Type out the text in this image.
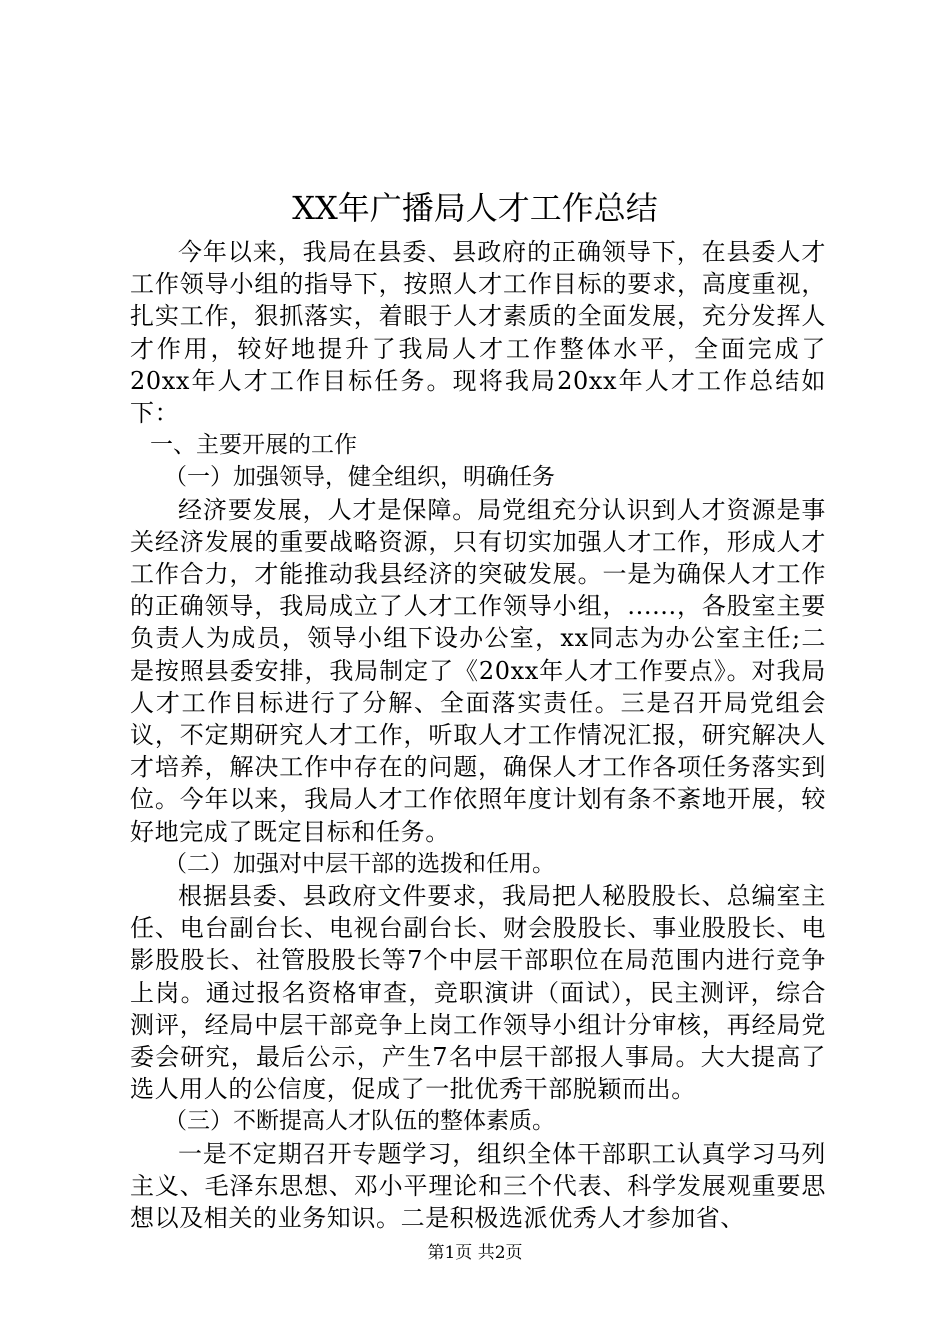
XX年广播局人才工作总结

今年以来，我局在县委、县政府的正确领导下，在县委人才工作领导小组的指导下，按照人才工作目标的要求，高度重视，扎实工作，狠抓落实，着眼于人才素质的全面发展，充分发挥人才作用，较好地提升了我局人才工作整体水平，全面完成了20xx年人才工作目标任务。现将我局20xx年人才工作总结如下：

一、主要开展的工作

（一）加强领导，健全组织，明确任务

经济要发展，人才是保障。局党组充分认识到人才资源是事关经济发展的重要战略资源，只有切实加强人才工作，形成人才工作合力，才能推动我县经济的突破发展。一是为确保人才工作的正确领导，我局成立了人才工作领导小组，......，各股室主要负责人为成员，领导小组下设办公室，xx同志为办公室主任;二是按照县委安排，我局制定了《20xx年人才工作要点》。对我局人才工作目标进行了分解、全面落实责任。三是召开局党组会议，不定期研究人才工作，听取人才工作情况汇报，研究解决人才培养，解决工作中存在的问题，确保人才工作各项任务落实到位。今年以来，我局人才工作依照年度计划有条不紊地开展，较好地完成了既定目标和任务。

（二）加强对中层干部的选拨和任用。

根据县委、县政府文件要求，我局把人秘股股长、总编室主任、电台副台长、电视台副台长、财会股股长、事业股股长、电影股股长、社管股股长等7个中层干部职位在局范围内进行竞争上岗。通过报名资格审查，竞职演讲（面试），民主测评，综合测评，经局中层干部竞争上岗工作领导小组计分审核，再经局党委会研究，最后公示，产生7名中层干部报人事局。大大提高了选人用人的公信度，促成了一批优秀干部脱颖而出。

（三）不断提高人才队伍的整体素质。

一是不定期召开专题学习，组织全体干部职工认真学习马列主义、毛泽东思想、邓小平理论和三个代表、科学发展观重要思想以及相关的业务知识。二是积极选派优秀人才参加省、

第1页 共2页
